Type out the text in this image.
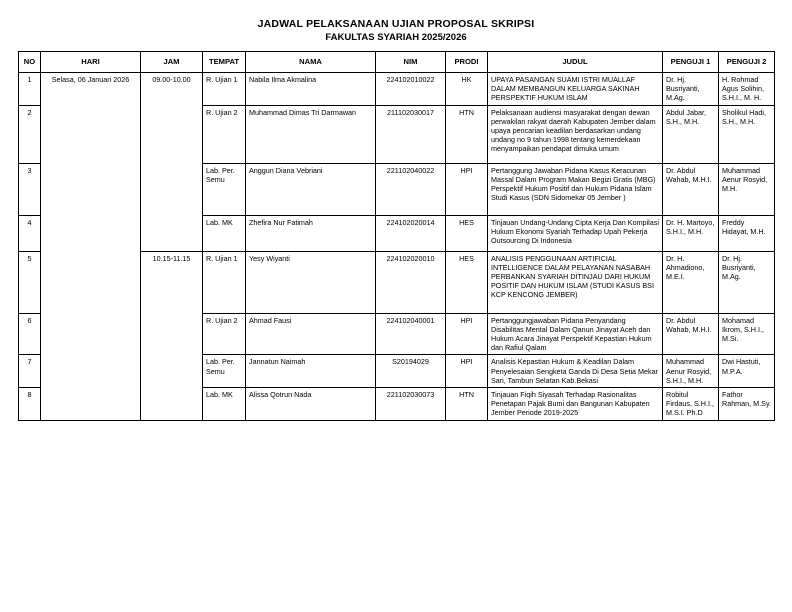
JADWAL PELAKSANAAN UJIAN PROPOSAL SKRIPSI
FAKULTAS SYARIAH 2025/2026
NO	HARI	JAM	TEMPAT	NAMA	NIM	PRODI	JUDUL	PENGUJI 1	PENGUJI 2
1	Selasa, 06 Januari 2026	09.00-10.00	R. Ujian 1	Nabila Ilma Akmalina	224102010022	HK	UPAYA PASANGAN SUAMI ISTRI MUALLAF DALAM MEMBANGUN KELUARGA SAKINAH PERSPEKTIF HUKUM ISLAM	Dr. Hj. Busriyanti, M.Ag.	H. Rohmad Agus Solihin, S.H.I., M. H.
2			R. Ujian 2	Muhammad Dimas Tri Darmawan	211102030017	HTN	Pelaksanaan audiensi masyarakat dengan dewan perwakilan rakyat daerah Kabupaten Jember dalam upaya pencarian keadilan berdasarkan undang undang no 9 tahun 1998 tentang kemerdekaan menyampaikan pendapat dimuka umum	Abdul Jabar, S.H., M.H.	Sholikul Hadi, S.H., M.H.
3			Lab. Per. Semu	Anggun Diana Vebriani	221102040022	HPI	Pertanggung Jawaban Pidana Kasus Keracunan Massal Dalam Program Makan Begizi Gratis (MBG) Perspektif Hukum Positif dan Hukum Pidana Islam Studi Kasus (SDN Sidomekar 05 Jember )	Dr. Abdul Wahab, M.H.I.	Muhammad Aenur Rosyid, M.H.
4			Lab. MK	Zhefira Nur Fatimah	224102020014	HES	Tinjauan Undang-Undang Cipta Kerja Dan Kompilasi Hukum Ekonomi Syariah Terhadap Upah Pekerja Outsourcing Di Indonesia	Dr. H. Martoyo, S.H.I., M.H.	Freddy Hidayat, M.H.
5		10.15-11.15	R. Ujian 1	Yesy Wiyanti	224102020010	HES	ANALISIS PENGGUNAAN ARTIFICIAL INTELLIGENCE DALAM PELAYANAN NASABAH PERBANKAN SYARIAH DITINJAU DARI HUKUM POSITIF DAN HUKUM ISLAM (STUDI KASUS BSI KCP KENCONG JEMBER)	Dr. H. Ahmadiono, M.E.I.	Dr. Hj. Busriyanti, M.Ag.
6			R. Ujian 2	Ahmad Fausi	224102040001	HPI	Pertanggungjawaban Pidana Penyandang Disabilitas Mental Dalam Qanun Jinayat Aceh dan Hukum Acara Jinayat Perspektif Kepastian Hukum dan Rafiul Qalam	Dr. Abdul Wahab, M.H.I.	Mohamad Ikrom, S.H.I., M.Si.
7			Lab. Per. Semu	Jannatun Naimah	S20194029	HPI	Analisis Kepastian Hukum & Keadilan Dalam Penyelesaian Sengketa Ganda Di Desa Setia Mekar Sari, Tambun Selatan Kab.Bekasi	Muhammad Aenur Rosyid, S.H.I., M.H.	Dwi Hastuti, M.P.A.
8			Lab. MK	Alissa Qotrun Nada	221102030073	HTN	Tinjauan Fiqih Siyasah Terhadap Rasionalitas Penetapan Pajak Bumi dan Bangunan Kabupaten Jember Periode 2019-2025	Robitul Firdaus, S.H.I., M.S.I. Ph.D	Fathor Rahman, M.Sy.
